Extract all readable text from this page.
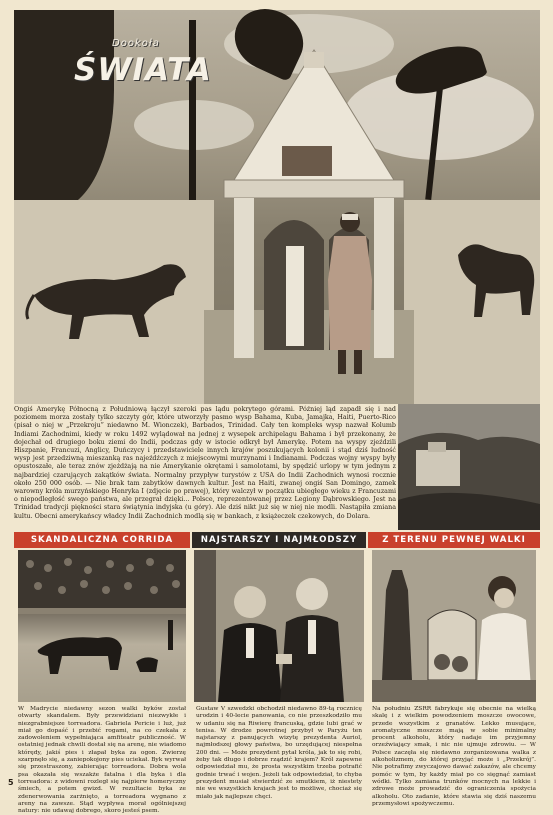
Dookoła
ŚWIATA
Ongiś Amerykę Północną z Południową łączył szeroki pas lądu pokrytego górami. Później ląd zapadł się i nad poziomem morza zostały tylko szczyty gór, które utworzyły pasmo wysp Bahama, Kuba, Jamajka, Haiti, Puerto-Rico (pisał o niej w „Przekroju” niedawno M. Wionczek), Barbados, Trinidad. Cały ten kompleks wysp nazwał Kolumb Indiami Zachodnimi, kiedy w roku 1492 wylądował na jednej z wysepek archipelagu Bahama i był przekonany, że dojechał od drugiego boku ziemi do Indii, podczas gdy w istocie odkrył był Amerykę. Potem na wyspy zjeździli Hiszpanie, Francuzi, Anglicy, Duńczycy i przedstawiciele innych krajów poszukujących kolonii i stąd dziś ludność wysp jest przedziwną mieszanką ras najeźdźczych z miejscowymi murzynami i Indianami. Podczas wojny wyspy były opustoszałe, ale teraz znów zjeżdżają na nie Amerykanie okrętami i samolotami, by spędzić urlopy w tym jednym z najbardziej czarujących zakątków świata. Normalny przypływ turystów z USA do Indii Zachodnich wynosi rocznie około 250 000 osób. — Nie brak tam zabytków dawnych kultur. Jest na Haiti, zwanej ongiś San Domingo, zamek warowny króla murzyńskiego Henryka I (zdjęcie po prawej), który walczył w początku ubiegłego wieku z Francuzami o niepodległość swego państwa, ale przegrał dzięki... Polsce, reprezentowanej przez Legiony Dąbrowskiego. Jest na Trinidad tradycji piękności stara świątynia indyjska (u góry). Ale dziś nikt już się w niej nie modli. Nastąpiła zmiana kultu. Obecni amerykańscy władcy Indii Zachodnich modlą się w bankach, z książeczek czekowych, do Dolara.
SKANDALICZNA CORRIDA
W Madrycie niedawny sezon walki byków został otwarty skandalem. Były przewidziani niezwykłe i niezgrabniejsze torreadora. Gabriela Pericie i luż, już miał go dopaść i przebić rogami, na co czekała z zadowoleniem wypełniająca amfiteatr publiczność. W ostatniej jednak chwili dostał się na arenę, nie wiadomo którędy, jakiś pies i złapał byka za ogon. Zwierzę szarpnęło się, a zaniepokojony pies uciekał. Byk wyrwał się przestraszony, zabierając torreadora. Dobra wola psa okazała się wszakże fatalna i dla byka i dla torreadora: z widowni rozległ się najpierw homeryczny śmiech, a potem gwizd. W rezultacie byka ze zdenerwowania zarżnięto, a torreadora wygnano z areny na zawsze. Stąd wypływa morał ogólniejszej natury: nie udawaj dobrego, skoro jesteś psem.
NAJSTARSZY I NAJMŁODSZY
Gustaw V szwedzki obchodził niedawno 89-tą rocznicę urodzin i 40-lecie panowania, co nie przeszkodziło mu w udaniu się na Riwierę francuską, gdzie lubi grać w tenisa. W drodze powrotnej przybył w Paryżu ten najstarszy z panujących wizytę prezydenta Auriol, najmłodszej głowy państwa, bo urzędującej niespełna 200 dni. — Może prezydent pytał króla, jak to się robi, żeby tak długo i dobrze rządzić krajem? Król zapewne odpowiedział mu, że prosta wszystkim trzeba potrafić godnie trwać i wojen. Jeżeli tak odpowiedział, to chyba prezydent musiał stwierdzić ze smutkiem, iż niestety nie we wszystkich krajach jest to możliwe, chociaż się miało jak najlepsze chęci.
Z TERENU PEWNEJ WALKI
Na południu ZSRR fabrykuje się obecnie na wielką skalę i z wielkim powodzeniem moszcze owocowe, przede wszystkim z granatów. Lekko musujące, aromatyczne moszcze mają w sobie minimalny procent alkoholu, który nadaje im przyjemny orzeźwiający smak, i nic nie ujmuje zdrowiu. — W Polsce zaczęła się niedawno zorganizowana walka z alkoholizmem, do której przyjąć może i „Przekrój”. Nie potrafimy zwyczajowo dawać zakazów, ale chcemy pomóc w tym, by każdy miał po co sięgnąć zamiast wódki. Tylko zamiana trunków mocnych na lekkie i zdrowe może prowadzić do ograniczenia spożycia alkoholu. Oto zadanie, które stawia się dziś naszemu przemysłowi spożywczemu.
5
